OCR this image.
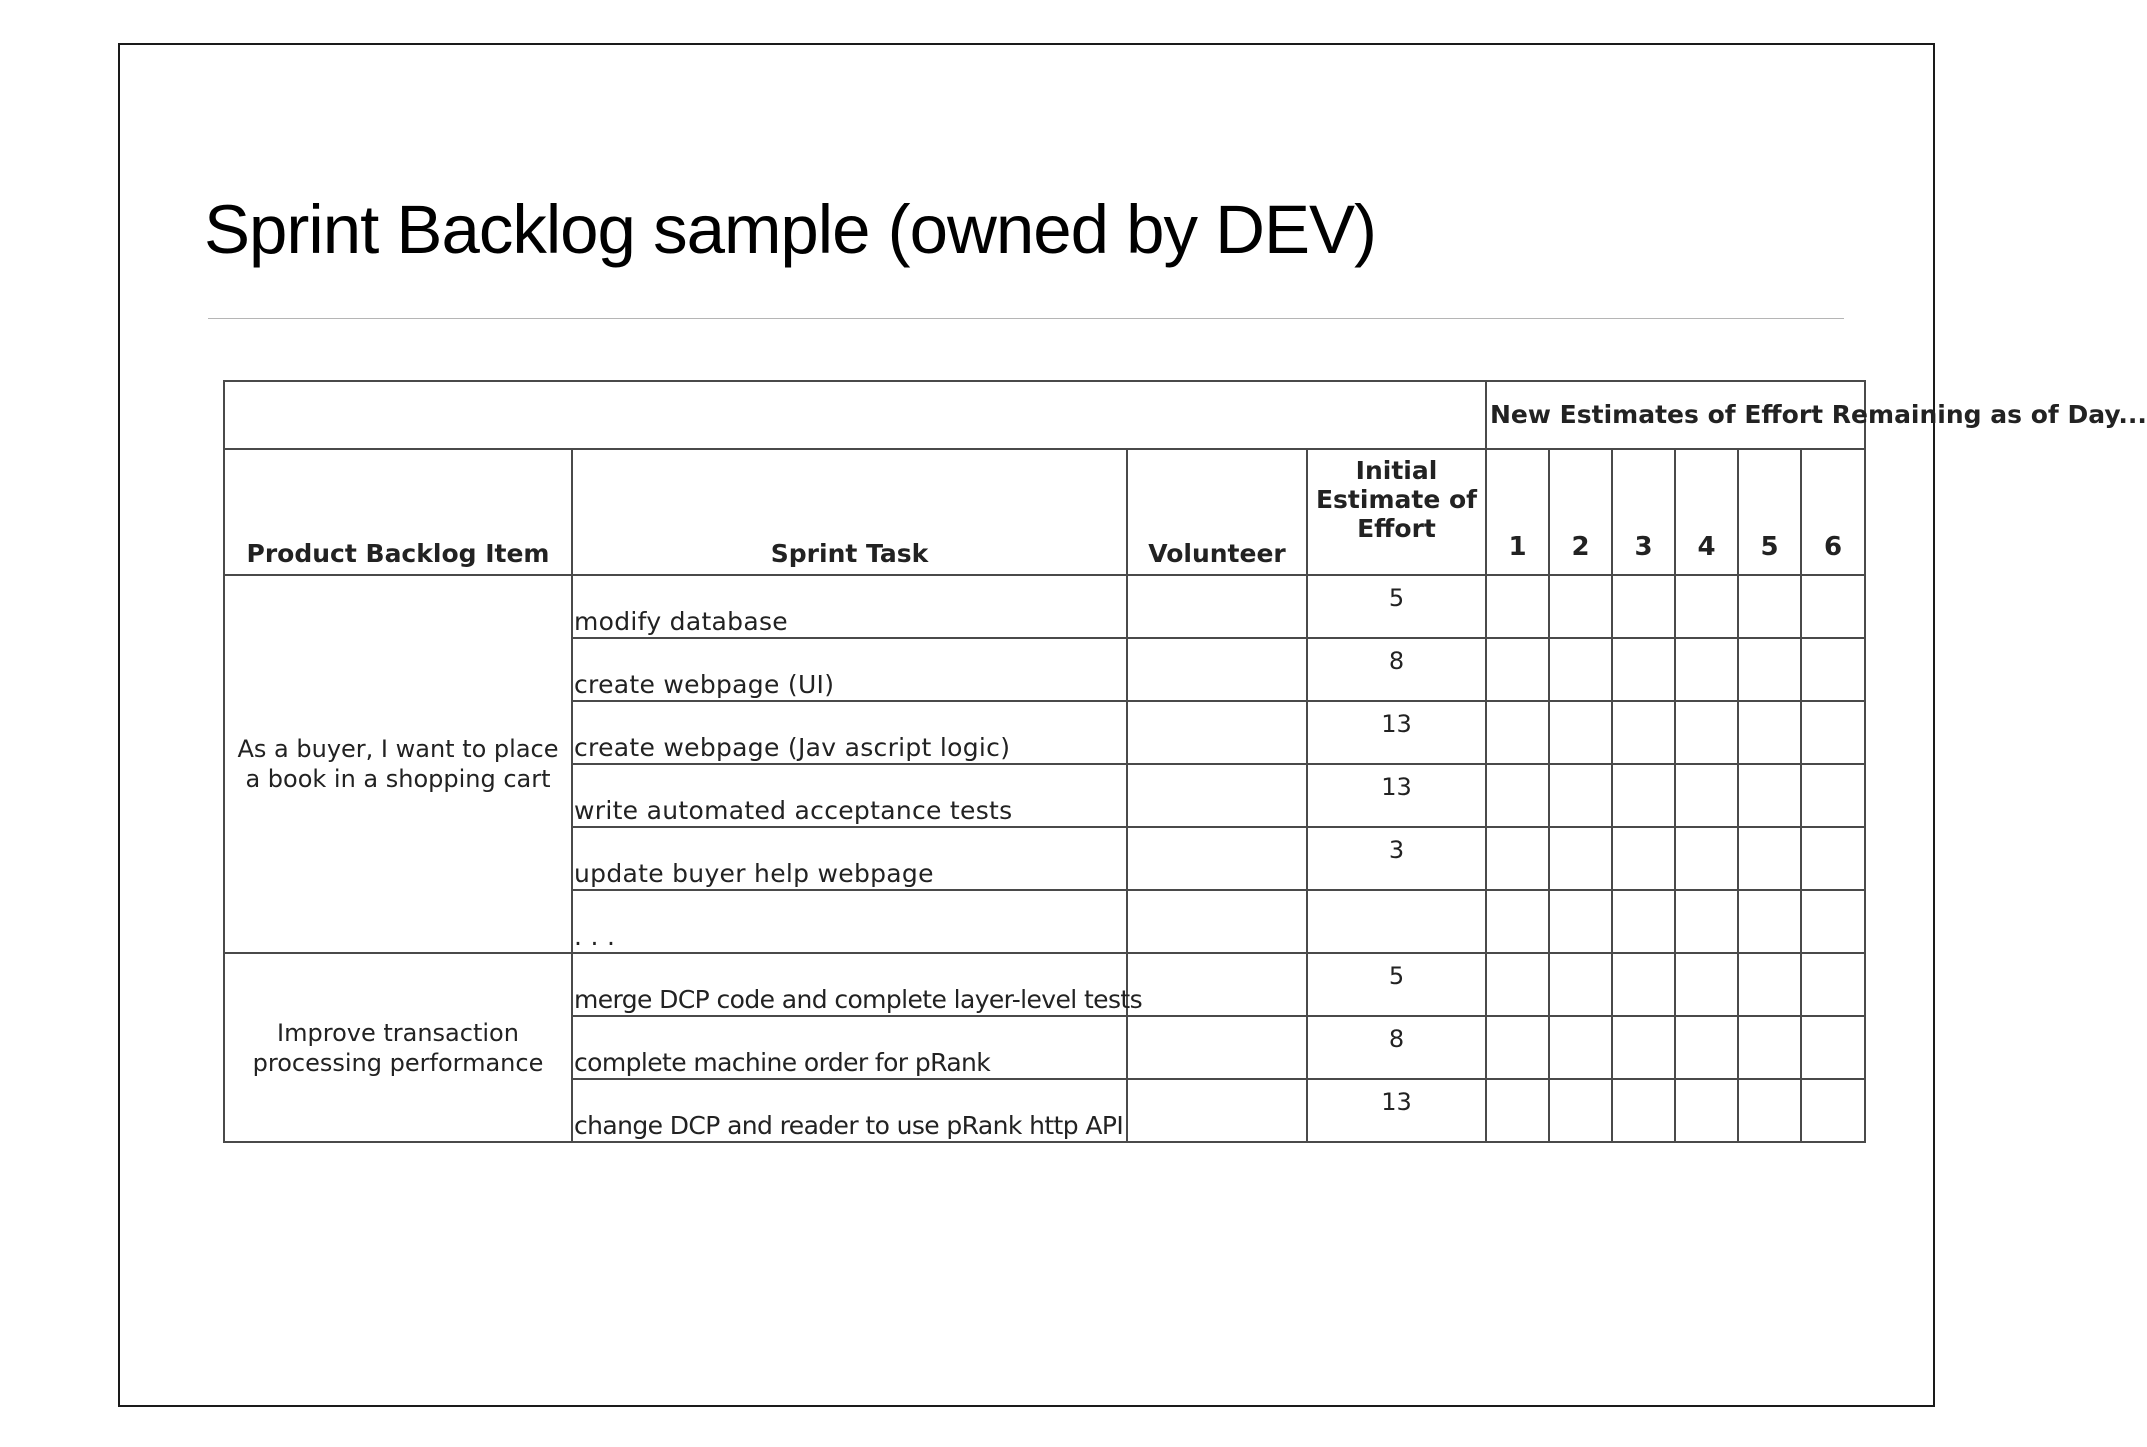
Sprint Backlog sample (owned by DEV)
				New Estimates of Effort Remaining as of Day...					
Product Backlog Item	Sprint Task	Volunteer	Initial Estimate of Effort	1	2	3	4	5	6
As a buyer, I want to place a book in a shopping cart	modify database		5						
	create webpage (UI)		8						
	create webpage (Jav ascript logic)		13						
	write automated acceptance tests		13						
	update buyer help webpage		3						
	. . .								
Improve transaction processing performance	merge DCP code and complete layer-level tests		5						
	complete machine order for pRank		8						
	change DCP and reader to use pRank http API		13						
